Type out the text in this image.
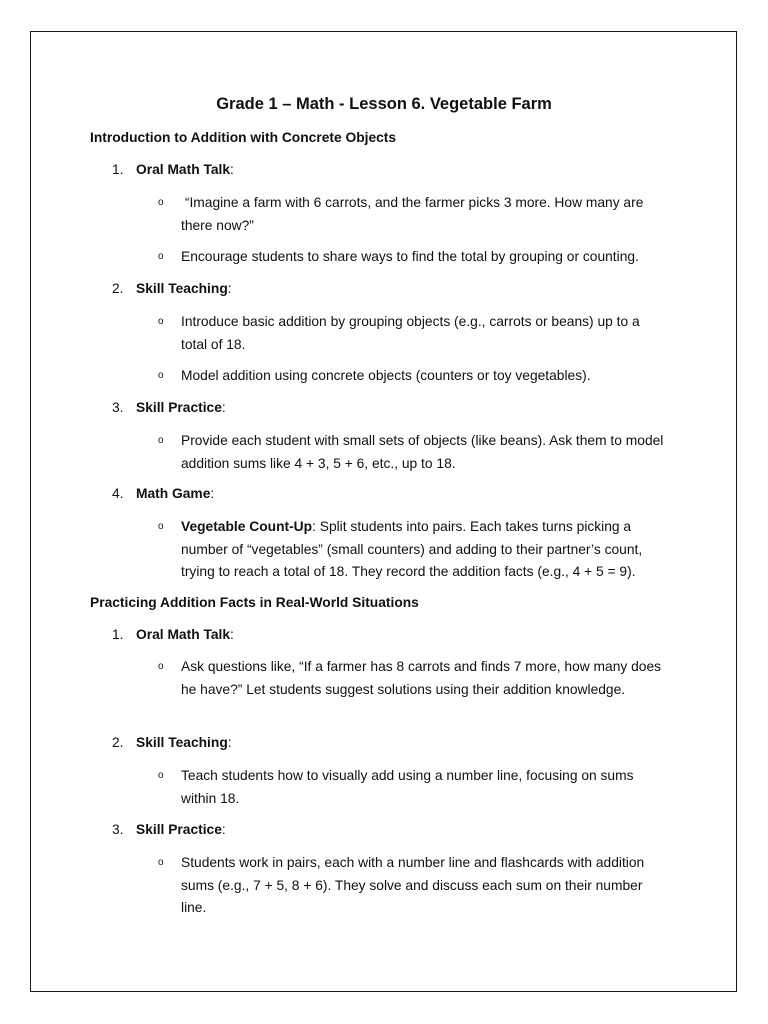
Grade 1 – Math - Lesson 6. Vegetable Farm
Introduction to Addition with Concrete Objects
1. Oral Math Talk:
o “Imagine a farm with 6 carrots, and the farmer picks 3 more. How many are there now?”
o Encourage students to share ways to find the total by grouping or counting.
2. Skill Teaching:
o Introduce basic addition by grouping objects (e.g., carrots or beans) up to a total of 18.
o Model addition using concrete objects (counters or toy vegetables).
3. Skill Practice:
o Provide each student with small sets of objects (like beans). Ask them to model addition sums like 4 + 3, 5 + 6, etc., up to 18.
4. Math Game:
o Vegetable Count-Up: Split students into pairs. Each takes turns picking a number of “vegetables” (small counters) and adding to their partner’s count, trying to reach a total of 18. They record the addition facts (e.g., 4 + 5 = 9).
Practicing Addition Facts in Real-World Situations
1. Oral Math Talk:
o Ask questions like, “If a farmer has 8 carrots and finds 7 more, how many does he have?” Let students suggest solutions using their addition knowledge.
2. Skill Teaching:
o Teach students how to visually add using a number line, focusing on sums within 18.
3. Skill Practice:
o Students work in pairs, each with a number line and flashcards with addition sums (e.g., 7 + 5, 8 + 6). They solve and discuss each sum on their number line.
